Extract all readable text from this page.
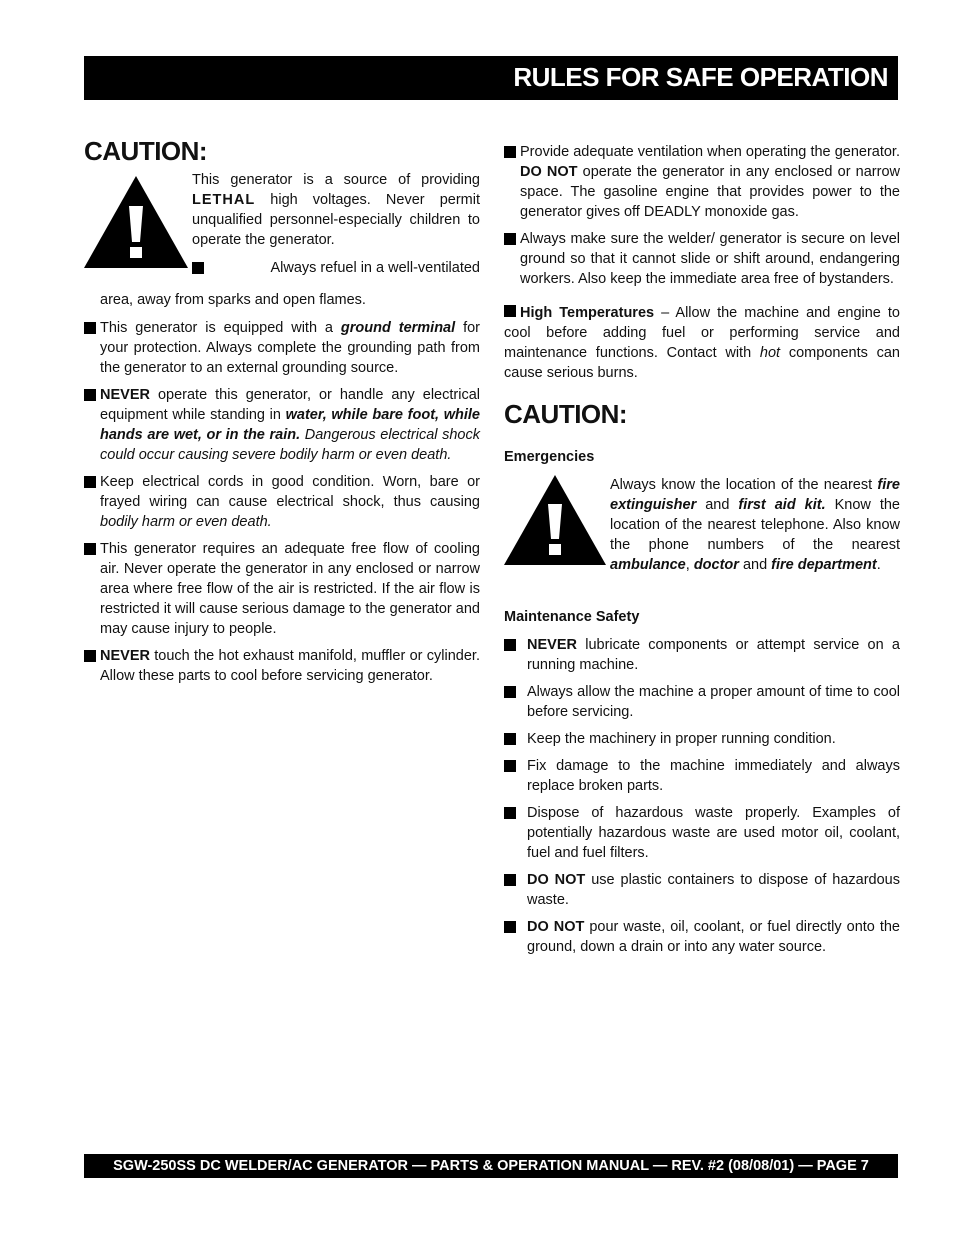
RULES FOR SAFE OPERATION
CAUTION:
This generator is a source of providing LETHAL high voltages. Never permit unqualified personnel-especially children to operate the generator.
Always refuel in a well-ventilated
area, away from sparks and open flames.
This generator is equipped with a ground terminal for your protection. Always complete the grounding path from the generator to an external grounding source.
NEVER operate this generator, or handle any electrical equipment while standing in water, while bare foot, while hands are wet, or in the rain. Dangerous electrical shock could occur causing severe bodily harm or even death.
Keep electrical cords in good condition. Worn, bare or frayed wiring can cause electrical shock, thus causing bodily harm or even death.
This generator requires an adequate free flow of cooling air. Never operate the generator in any enclosed or narrow area where free flow of the air is restricted. If the air flow is restricted it will cause serious damage to the generator and may cause injury to people.
NEVER touch the hot exhaust manifold, muffler or cylinder. Allow these parts to cool before servicing generator.
Provide adequate ventilation when operating the generator. DO NOT operate the generator in any enclosed or narrow space. The gasoline engine that provides power to the generator gives off DEADLY monoxide gas.
Always make sure the welder/ generator is secure on level ground so that it cannot slide or shift around, endangering workers. Also keep the immediate area free of bystanders.
High Temperatures – Allow the machine and engine to cool before adding fuel or performing service and maintenance functions. Contact with hot components can cause serious burns.
CAUTION:
Emergencies
Always know the location of the nearest fire extinguisher and first aid kit. Know the location of the nearest telephone. Also know the phone numbers of the nearest ambulance, doctor and fire department.
Maintenance Safety
NEVER lubricate components or attempt service on a running machine.
Always allow the machine a proper amount of time to cool before servicing.
Keep the machinery in proper running condition.
Fix damage to the machine immediately and always replace broken parts.
Dispose of hazardous waste properly. Examples of potentially hazardous waste are used motor oil, coolant, fuel and fuel filters.
DO NOT use plastic containers to dispose of hazardous waste.
DO NOT pour waste, oil, coolant, or fuel directly onto the ground, down a drain or into any water source.
SGW-250SS DC WELDER/AC GENERATOR — PARTS & OPERATION MANUAL — REV. #2 (08/08/01) — PAGE 7
